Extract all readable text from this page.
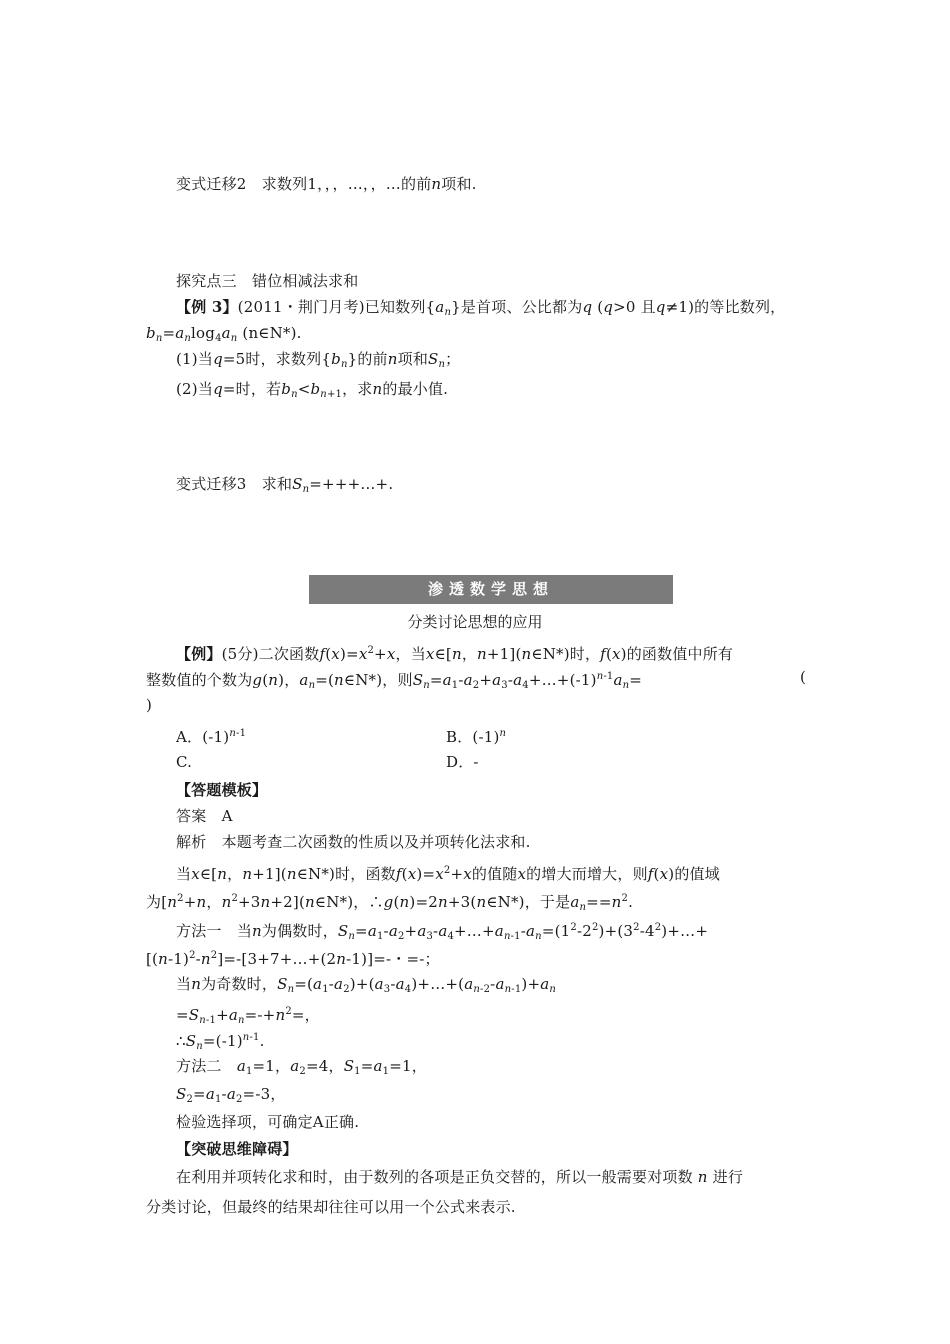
变式迁移2　 求数列1，，，…，，…的前n项和.
探究点三　错位相减法求和
【例 3】(2011・荆门月考)已知数列$\{a_n\}$是首项、公比都为q (q>0 且q≠1)的等比数列，
$b_n=a_n\log_4a_n$ (n∈N*).
(1)当q=5时，求数列$\{b_n\}$的前n项和$S_n$；
(2)当q=时，若$b_n<b_{n+1}$，求n的最小值.
变式迁移3　 求和$S_n=+++\dots+$.
渗透数学思想
分类讨论思想的应用
【例】(5分)二次函数$f(x)=x^2+x$，当x∈[n，n+1](n∈N*)时，f(x)的函数值中所有
整数值的个数为g(n)，$a_n=(n\in N*)$，则$S_n=a_1-a_2+a_3-a_4+\dots+(-1)^{n-1}a_n=$	(
)
A．$(-1)^{n-1}$	B．$(-1)^n$
C.	D．-
【答题模板】
答案　 A
解析　 本题考查二次函数的性质以及并项转化法求和.
当x∈[n，n+1](n∈N*)时，函数$f(x)=x^2+x$的值随x的增大而增大，则f(x)的值域
为[$n^2+n$，$n^2+3n+2](n\in N*)$，∴g(n)=2n+3(n∈N*)，于是$a_n==n^2$.
方法一　 当n为偶数时，$S_n=a_1-a_2+a_3-a_4+\dots+a_{n-1}-a_n=(1^2-2^2)+(3^2-4^2)+\dots+$
$[(n-1)^2-n^2]=-[3+7+\dots+(2n-1)]=-$・=-；
当n为奇数时，$S_n=(a_1-a_2)+(a_3-a_4)+\dots+(a_{n-2}-a_{n-1})+a_n$
$=S_{n-1}+a_n=-+n^2=$，
$\therefore S_n=(-1)^{n-1}$.
方法二　 $a_1=1$，$a_2=4$，$S_1=a_1=1$，
$S_2=a_1-a_2=-3$，
检验选择项，可确定A正确.
【突破思维障碍】
在利用并项转化求和时，由于数列的各项是正负交替的，所以一般需要对项数 n 进行
分类讨论，但最终的结果却往往可以用一个公式来表示.
